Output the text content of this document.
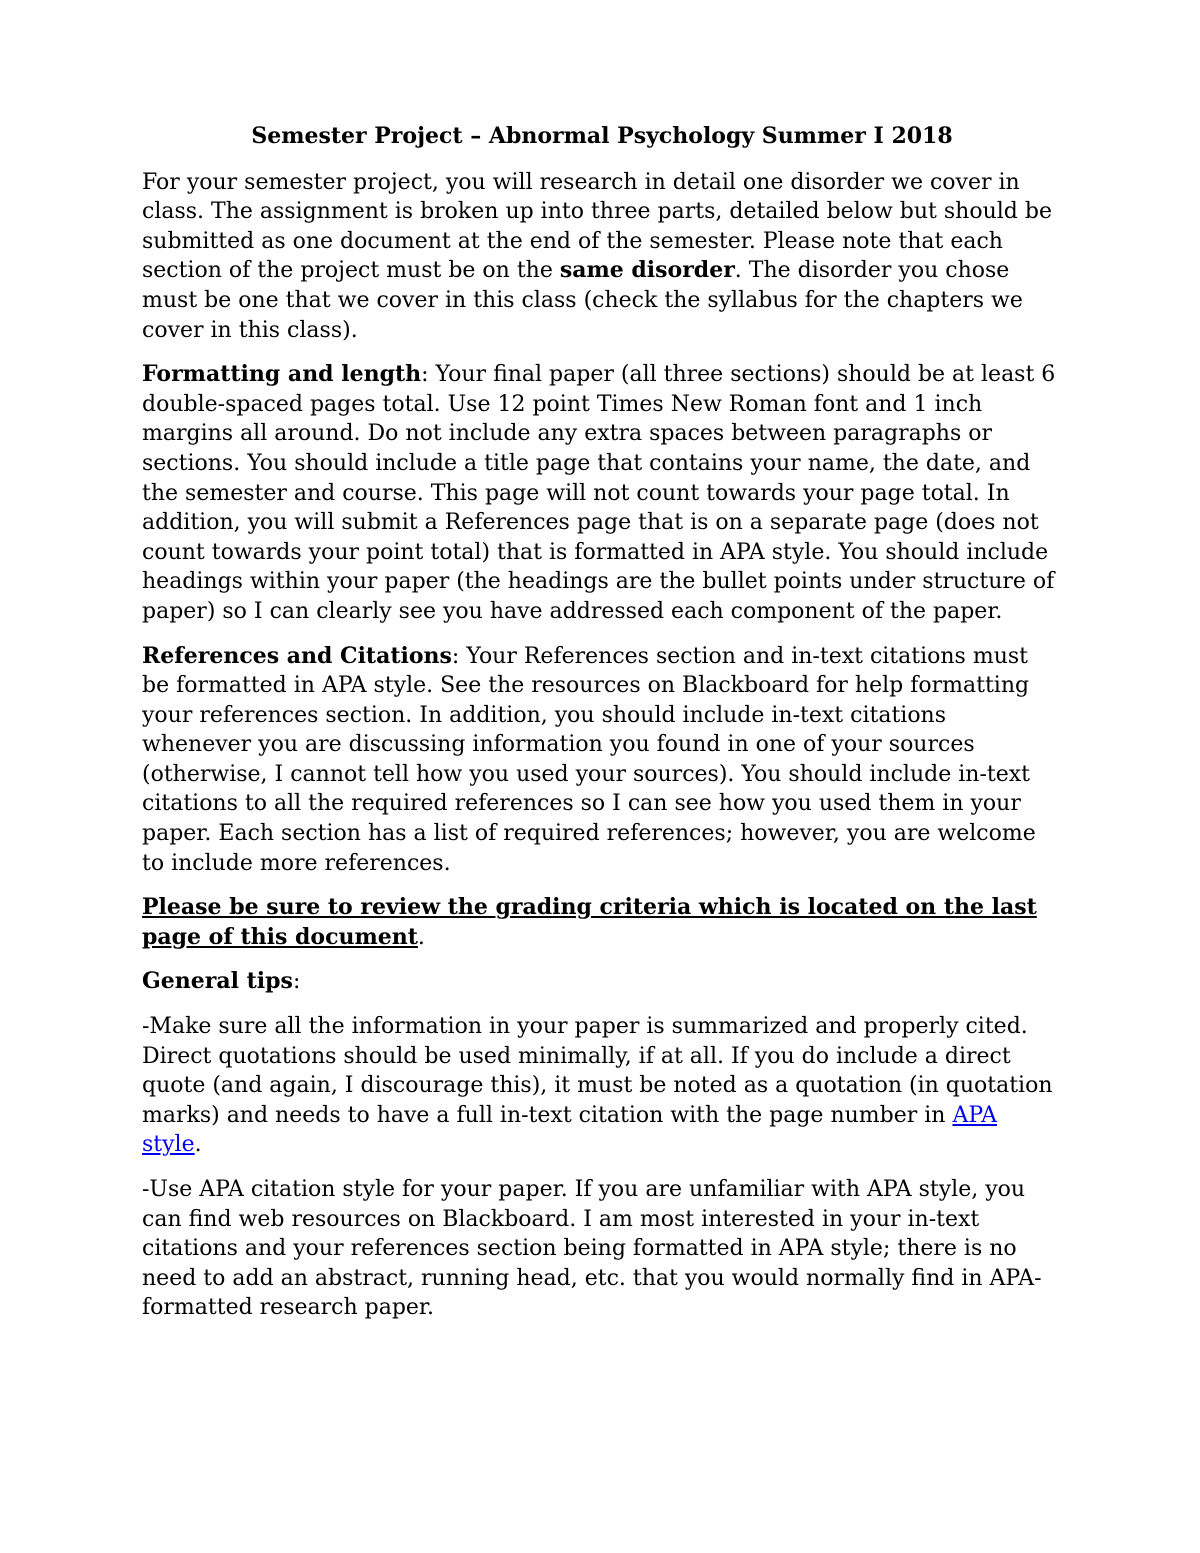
Semester Project – Abnormal Psychology Summer I 2018

For your semester project, you will research in detail one disorder we cover in class. The assignment is broken up into three parts, detailed below but should be submitted as one document at the end of the semester. Please note that each section of the project must be on the same disorder. The disorder you chose must be one that we cover in this class (check the syllabus for the chapters we cover in this class).

Formatting and length: Your final paper (all three sections) should be at least 6 double-spaced pages total. Use 12 point Times New Roman font and 1 inch margins all around. Do not include any extra spaces between paragraphs or sections. You should include a title page that contains your name, the date, and the semester and course. This page will not count towards your page total. In addition, you will submit a References page that is on a separate page (does not count towards your point total) that is formatted in APA style. You should include headings within your paper (the headings are the bullet points under structure of paper) so I can clearly see you have addressed each component of the paper.

References and Citations: Your References section and in-text citations must be formatted in APA style. See the resources on Blackboard for help formatting your references section. In addition, you should include in-text citations whenever you are discussing information you found in one of your sources (otherwise, I cannot tell how you used your sources). You should include in-text citations to all the required references so I can see how you used them in your paper. Each section has a list of required references; however, you are welcome to include more references.

Please be sure to review the grading criteria which is located on the last page of this document.

General tips:

-Make sure all the information in your paper is summarized and properly cited. Direct quotations should be used minimally, if at all. If you do include a direct quote (and again, I discourage this), it must be noted as a quotation (in quotation marks) and needs to have a full in-text citation with the page number in APA style.

-Use APA citation style for your paper. If you are unfamiliar with APA style, you can find web resources on Blackboard. I am most interested in your in-text citations and your references section being formatted in APA style; there is no need to add an abstract, running head, etc. that you would normally find in APA-formatted research paper.
